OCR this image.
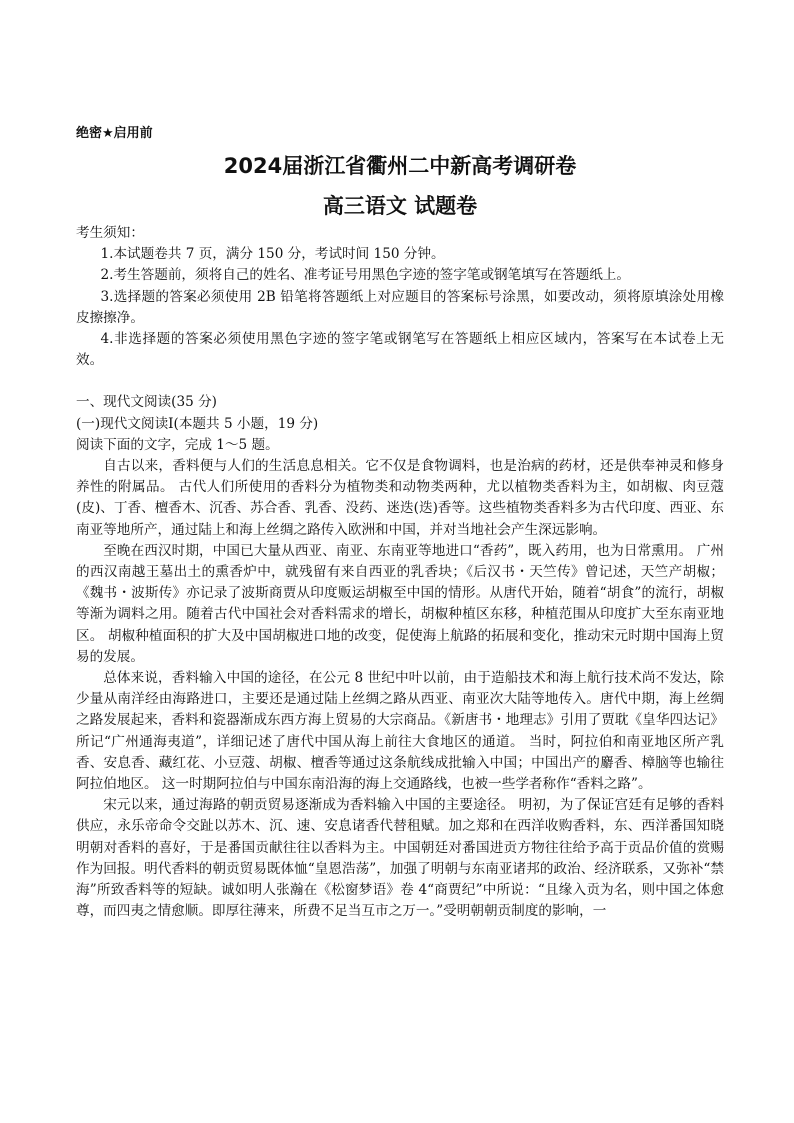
绝密★启用前

2024届浙江省衢州二中新高考调研卷
高三语文 试题卷

考生须知：

1.本试题卷共 7 页，满分 150 分，考试时间 150 分钟。

2.考生答题前，须将自己的姓名、准考证号用黑色字迹的签字笔或钢笔填写在答题纸上。

3.选择题的答案必须使用 2B 铅笔将答题纸上对应题目的答案标号涂黑，如要改动，须将原填涂处用橡皮擦擦净。

4.非选择题的答案必须使用黑色字迹的签字笔或钢笔写在答题纸上相应区域内，答案写在本试卷上无效。

一、现代文阅读(35 分)

(一)现代文阅读Ⅰ(本题共 5 小题，19 分)

阅读下面的文字，完成 1～5 题。

自古以来，香料便与人们的生活息息相关。它不仅是食物调料，也是治病的药材，还是供奉神灵和修身养性的附属品。 古代人们所使用的香料分为植物类和动物类两种，尤以植物类香料为主，如胡椒、肉豆蔻(皮)、丁香、檀香木、沉香、苏合香、乳香、没药、迷迭(迭)香等。这些植物类香料多为古代印度、西亚、东南亚等地所产，通过陆上和海上丝绸之路传入欧洲和中国，并对当地社会产生深远影响。

至晚在西汉时期，中国已大量从西亚、南亚、东南亚等地进口“香药”，既入药用，也为日常熏用。 广州的西汉南越王墓出土的熏香炉中，就残留有来自西亚的乳香块；《后汉书・天竺传》曾记述，天竺产胡椒；《魏书・波斯传》亦记录了波斯商贾从印度贩运胡椒至中国的情形。从唐代开始，随着“胡食”的流行，胡椒等渐为调料之用。随着古代中国社会对香料需求的增长，胡椒种植区东移，种植范围从印度扩大至东南亚地区。 胡椒种植面积的扩大及中国胡椒进口地的改变，促使海上航路的拓展和变化，推动宋元时期中国海上贸易的发展。

总体来说，香料输入中国的途径，在公元 8 世纪中叶以前，由于造船技术和海上航行技术尚不发达，除少量从南洋经由海路进口，主要还是通过陆上丝绸之路从西亚、南亚次大陆等地传入。唐代中期，海上丝绸之路发展起来，香料和瓷器渐成东西方海上贸易的大宗商品。《新唐书・地理志》引用了贾耽《皇华四达记》所记“广州通海夷道”，详细记述了唐代中国从海上前往大食地区的通道。 当时，阿拉伯和南亚地区所产乳香、安息香、藏红花、小豆蔻、胡椒、檀香等通过这条航线成批输入中国；中国出产的麝香、樟脑等也输往阿拉伯地区。 这一时期阿拉伯与中国东南沿海的海上交通路线，也被一些学者称作“香料之路”。

宋元以来，通过海路的朝贡贸易逐渐成为香料输入中国的主要途径。 明初，为了保证宫廷有足够的香料供应，永乐帝命令交趾以苏木、沉、速、安息诸香代替租赋。加之郑和在西洋收购香料，东、西洋番国知晓明朝对香料的喜好，于是番国贡献往往以香料为主。中国朝廷对番国进贡方物往往给予高于贡品价值的赏赐作为回报。明代香料的朝贡贸易既体恤“皇恩浩荡”，加强了明朝与东南亚诸邦的政治、经济联系，又弥补“禁海”所致香料等的短缺。诚如明人张瀚在《松窗梦语》卷 4“商贾纪”中所说：“且缘入贡为名，则中国之体愈尊，而四夷之情愈顺。即厚往薄来，所费不足当互市之万一。”受明朝朝贡制度的影响，一
